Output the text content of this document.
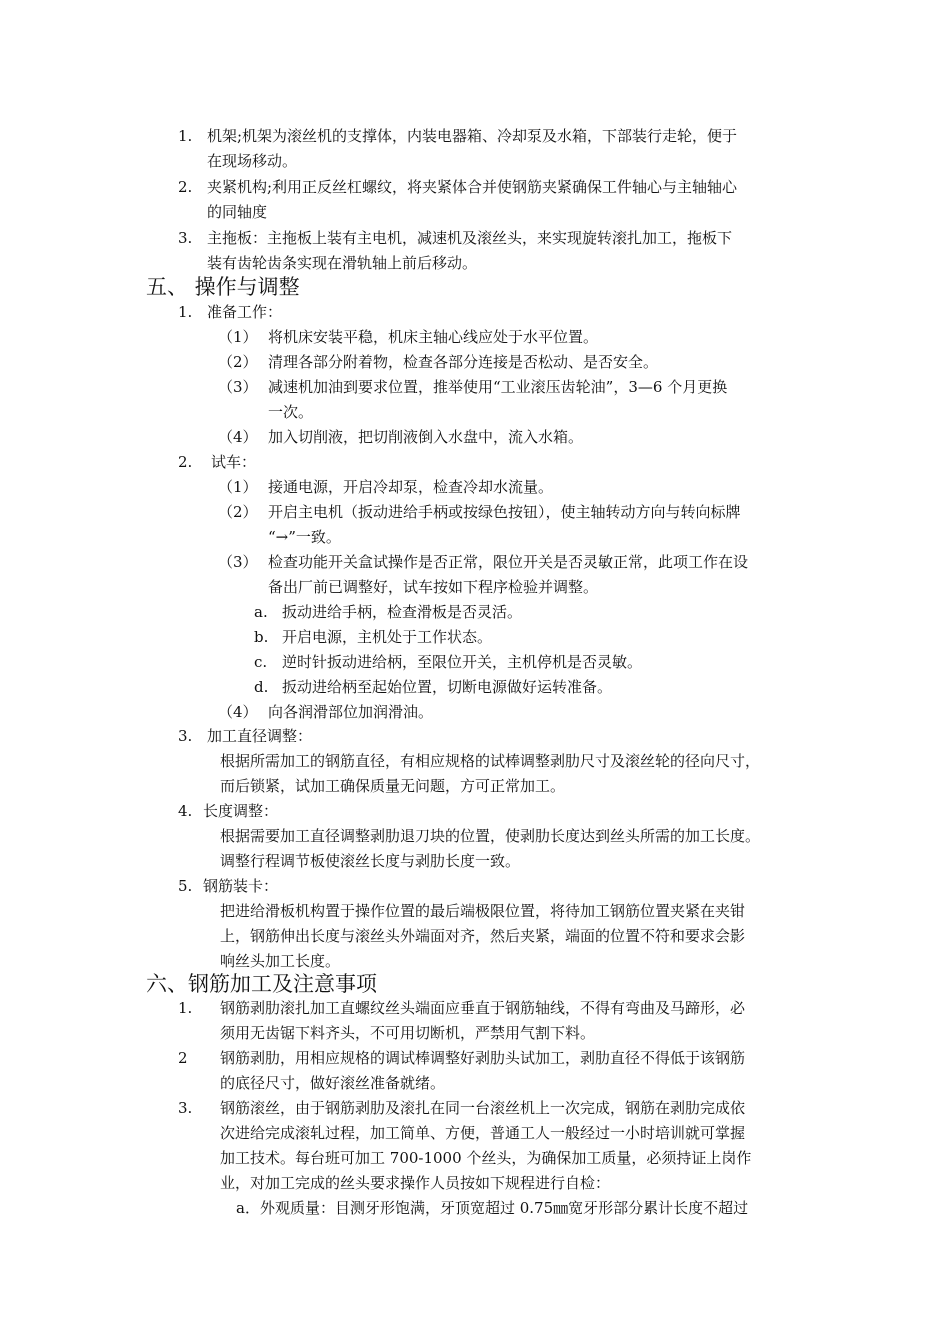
1. 机架;机架为滚丝机的支撑体，内装电器箱、冷却泵及水箱，下部装行走轮，便于
在现场移动。
2. 夹紧机构;利用正反丝杠螺纹，将夹紧体合并使钢筋夹紧确保工件轴心与主轴轴心
的同轴度
3. 主拖板：主拖板上装有主电机，减速机及滚丝头，来实现旋转滚扎加工，拖板下
装有齿轮齿条实现在滑轨轴上前后移动。
五、 操作与调整
1. 准备工作：
（1） 将机床安装平稳，机床主轴心线应处于水平位置。
（2） 清理各部分附着物，检查各部分连接是否松动、是否安全。
（3） 减速机加油到要求位置，推举使用“工业滚压齿轮油”，3—6 个月更换
一次。
（4） 加入切削液，把切削液倒入水盘中，流入水箱。
2. 试车：
（1） 接通电源，开启冷却泵，检查冷却水流量。
（2） 开启主电机（扳动进给手柄或按绿色按钮），使主轴转动方向与转向标牌
“→”一致。
（3） 检查功能开关盒试操作是否正常，限位开关是否灵敏正常，此项工作在设
备出厂前已调整好，试车按如下程序检验并调整。
a. 扳动进给手柄，检查滑板是否灵活。
b. 开启电源，主机处于工作状态。
c. 逆时针扳动进给柄，至限位开关，主机停机是否灵敏。
d. 扳动进给柄至起始位置，切断电源做好运转准备。
（4） 向各润滑部位加润滑油。
3. 加工直径调整：
根据所需加工的钢筋直径，有相应规格的试棒调整剥肋尺寸及滚丝轮的径向尺寸，
而后锁紧，试加工确保质量无问题，方可正常加工。
4. 长度调整：
根据需要加工直径调整剥肋退刀块的位置，使剥肋长度达到丝头所需的加工长度。
调整行程调节板使滚丝长度与剥肋长度一致。
5. 钢筋装卡：
把进给滑板机构置于操作位置的最后端极限位置，将待加工钢筋位置夹紧在夹钳
上，钢筋伸出长度与滚丝头外端面对齐，然后夹紧，端面的位置不符和要求会影
响丝头加工长度。
六、钢筋加工及注意事项
1. 钢筋剥肋滚扎加工直螺纹丝头端面应垂直于钢筋轴线，不得有弯曲及马蹄形，必
须用无齿锯下料齐头，不可用切断机，严禁用气割下料。
2 钢筋剥肋，用相应规格的调试棒调整好剥肋头试加工，剥肋直径不得低于该钢筋
的底径尺寸，做好滚丝准备就绪。
3. 钢筋滚丝，由于钢筋剥肋及滚扎在同一台滚丝机上一次完成，钢筋在剥肋完成依
次进给完成滚轧过程，加工简单、方便，普通工人一般经过一小时培训就可掌握
加工技术。每台班可加工 700-1000 个丝头，为确保加工质量，必须持证上岗作
业，对加工完成的丝头要求操作人员按如下规程进行自检：
a．外观质量：目测牙形饱满，牙顶宽超过 0.75㎜宽牙形部分累计长度不超过
